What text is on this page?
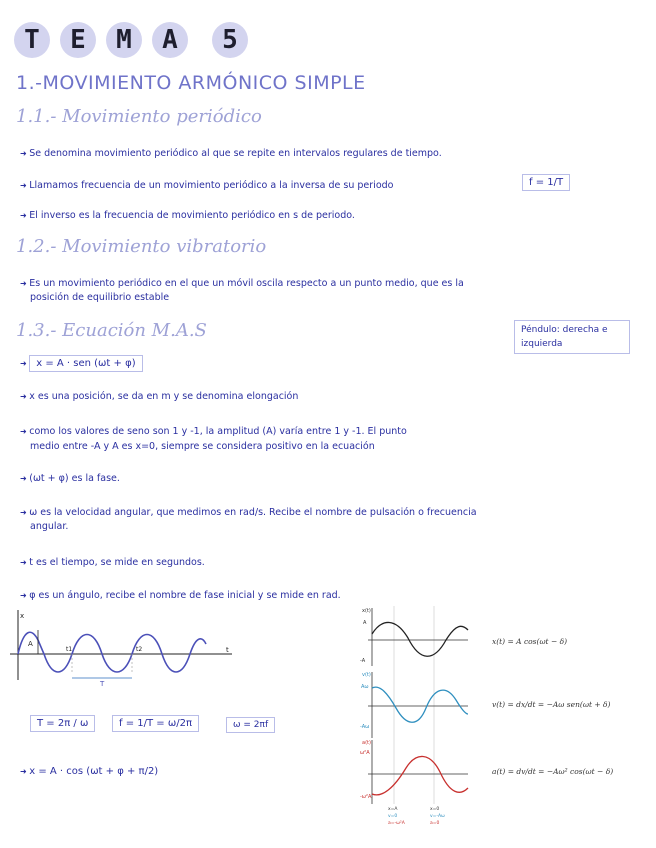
T	E	M	A	5
1.-MOVIMIENTO ARMÓNICO SIMPLE
1.1.- Movimiento periódico
➜ Se denomina movimiento periódico al que se repite en intervalos regulares de tiempo.
➜ Llamamos frecuencia de un movimiento periódico a la inversa de su periodo	f = 1/T
➜ El inverso es la frecuencia de movimiento periódico en s de periodo.
1.2.- Movimiento vibratorio
➜ Es un movimiento periódico en el que un móvil oscila respecto a un punto medio, que es la
posición de equilibrio estable
1.3.- Ecuación M.A.S	Péndulo: derecha e
izquierda
➜ x = A · sen (ωt + φ)
➜ x es una posición, se da en m y se denomina elongación
➜ como los valores de seno son 1 y -1, la amplitud (A) varía entre 1 y -1. El punto
medio entre -A y A es x=0, siempre se considera positivo en la ecuación
➜ (ωt + φ) es la fase.
➜ ω es la velocidad angular, que medimos en rad/s. Recibe el nombre de pulsación o frecuencia
angular.
➜ t es el tiempo, se mide en segundos.
➜ φ es un ángulo, recibe el nombre de fase inicial y se mide en rad.
x
A
t
t1	t2
T
T = 2π / ω	f = 1/T = ω/2π	ω = 2πf
➜ x = A · cos (ωt + φ + π/2)
x(t)
A
-A
v(t)
Aω
-Aω
a(t)
ω²A
-ω²A
x=A
v=0
a=-ω²A
x=0
v=-Aω
a=0
x(t) = A cos(ωt − δ)
v(t) = dx/dt = −Aω sen(ωt + δ)
a(t) = dv/dt = −Aω² cos(ωt − δ)
